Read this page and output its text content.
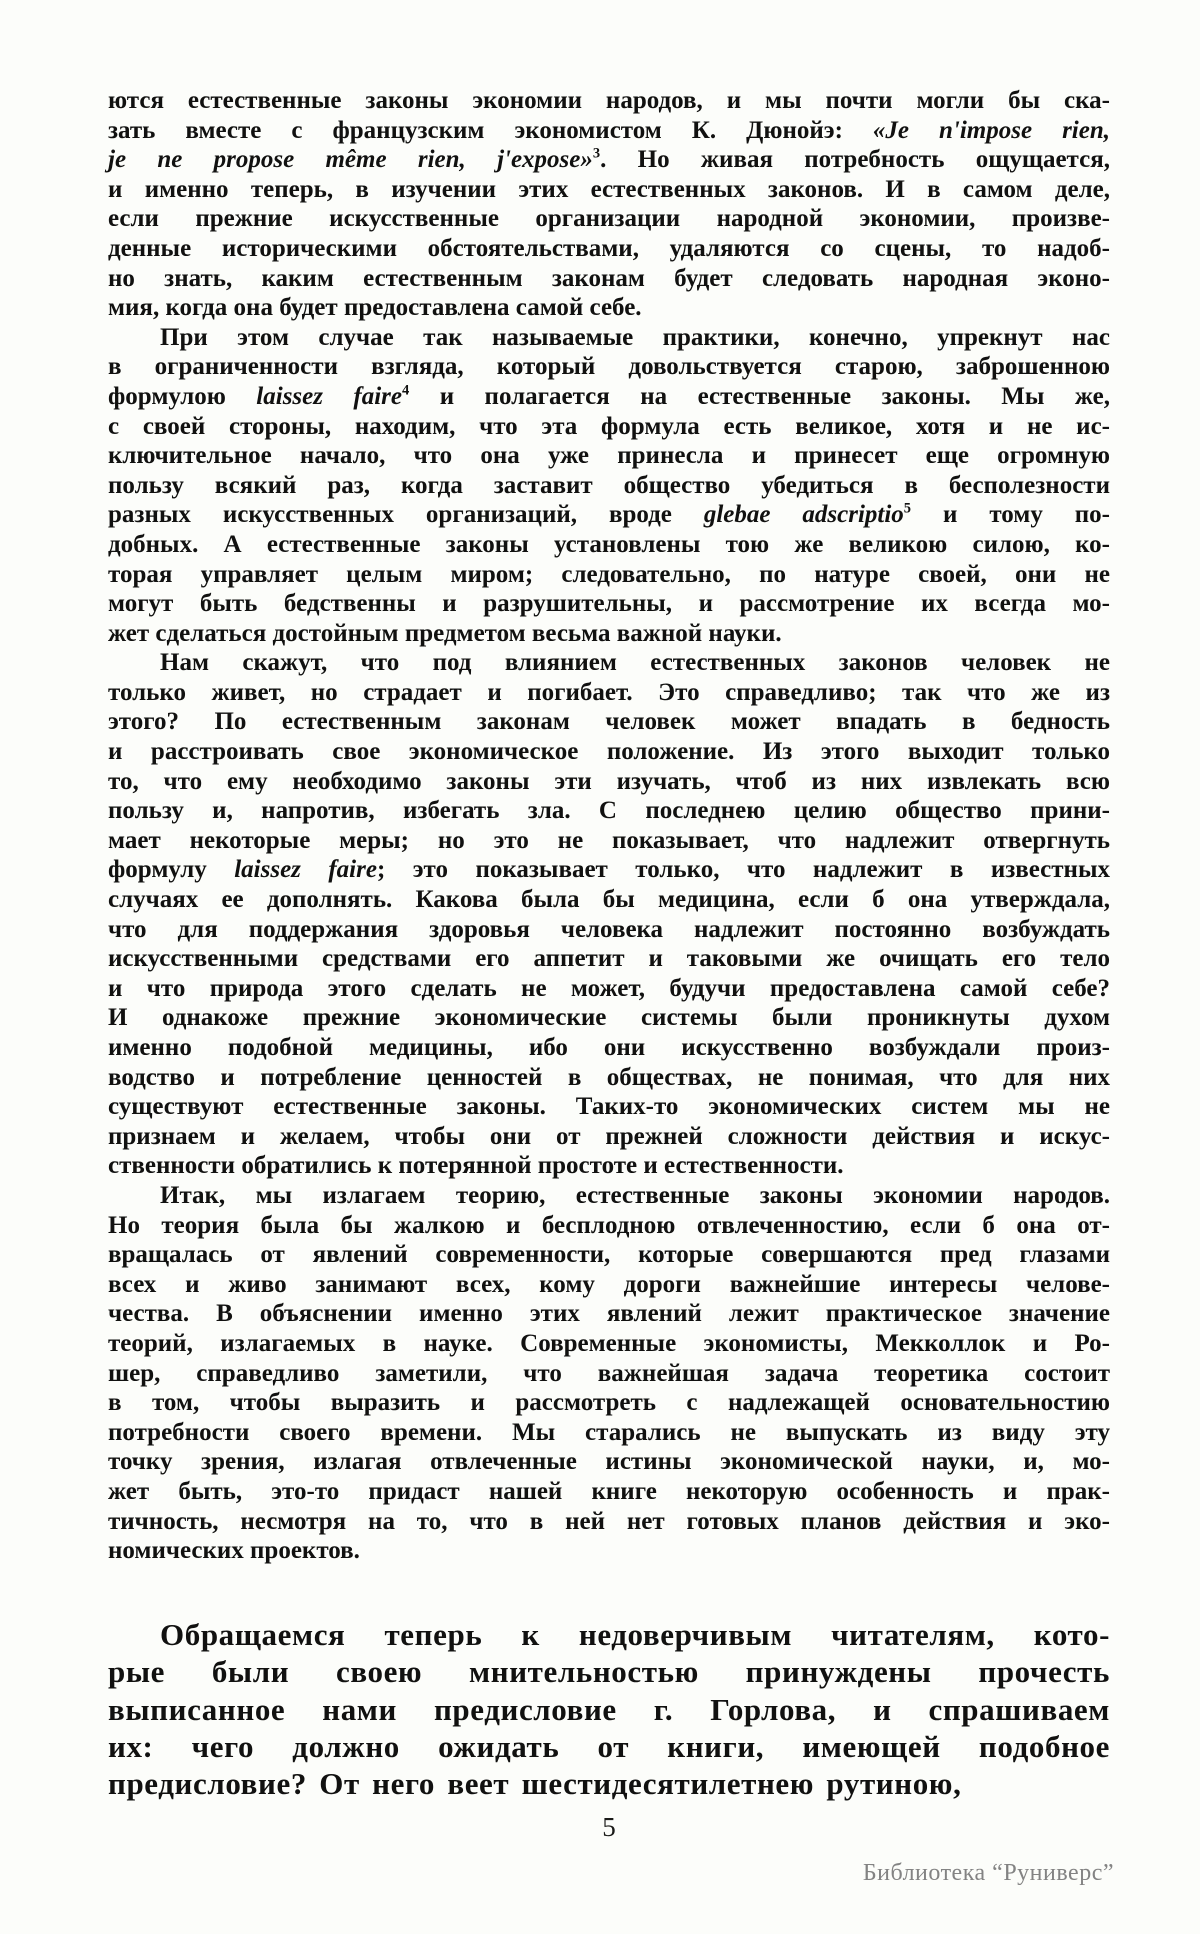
ются естественные законы экономии народов, и мы почти могли бы ска-
зать вместе с французским экономистом К. Дюнойэ: «Je n'impose rien,
je ne propose même rien, j'expose»$^3$. Но живая потребность ощущается,
и именно теперь, в изучении этих естественных законов. И в самом деле,
если прежние искусственные организации народной экономии, произве-
денные историческими обстоятельствами, удаляются со сцены, то надоб-
но знать, каким естественным законам будет следовать народная эконо-
мия, когда она будет предоставлена самой себе.
При этом случае так называемые практики, конечно, упрекнут нас
в ограниченности взгляда, который довольствуется старою, заброшенною
формулою laissez faire$^4$ и полагается на естественные законы. Мы же,
с своей стороны, находим, что эта формула есть великое, хотя и не ис-
ключительное начало, что она уже принесла и принесет еще огромную
пользу всякий раз, когда заставит общество убедиться в бесполезности
разных искусственных организаций, вроде glebae adscriptio$^5$ и тому по-
добных. А естественные законы установлены тою же великою силою, ко-
торая управляет целым миром; следовательно, по натуре своей, они не
могут быть бедственны и разрушительны, и рассмотрение их всегда мо-
жет сделаться достойным предметом весьма важной науки.
Нам скажут, что под влиянием естественных законов человек не
только живет, но страдает и погибает. Это справедливо; так что же из
этого? По естественным законам человек может впадать в бедность
и расстроивать свое экономическое положение. Из этого выходит только
то, что ему необходимо законы эти изучать, чтоб из них извлекать всю
пользу и, напротив, избегать зла. С последнею целию общество прини-
мает некоторые меры; но это не показывает, что надлежит отвергнуть
формулу laissez faire; это показывает только, что надлежит в известных
случаях ее дополнять. Какова была бы медицина, если б она утверждала,
что для поддержания здоровья человека надлежит постоянно возбуждать
искусственными средствами его аппетит и таковыми же очищать его тело
и что природа этого сделать не может, будучи предоставлена самой себе?
И однакоже прежние экономические системы были проникнуты духом
именно подобной медицины, ибо они искусственно возбуждали произ-
водство и потребление ценностей в обществах, не понимая, что для них
существуют естественные законы. Таких-то экономических систем мы не
признаем и желаем, чтобы они от прежней сложности действия и искус-
ственности обратились к потерянной простоте и естественности.
Итак, мы излагаем теорию, естественные законы экономии народов.
Но теория была бы жалкою и бесплодною отвлеченностию, если б она от-
вращалась от явлений современности, которые совершаются пред глазами
всех и живо занимают всех, кому дороги важнейшие интересы челове-
чества. В объяснении именно этих явлений лежит практическое значение
теорий, излагаемых в науке. Современные экономисты, Мекколлок и Ро-
шер, справедливо заметили, что важнейшая задача теоретика состоит
в том, чтобы выразить и рассмотреть с надлежащей основательностию
потребности своего времени. Мы старались не выпускать из виду эту
точку зрения, излагая отвлеченные истины экономической науки, и, мо-
жет быть, это-то придаст нашей книге некоторую особенность и прак-
тичность, несмотря на то, что в ней нет готовых планов действия и эко-
номических проектов.
Обращаемся теперь к недоверчивым читателям, кото-
рые были своею мнительностью принуждены прочесть
выписанное нами предисловие г. Горлова, и спрашиваем
их: чего должно ожидать от книги, имеющей подобное
предисловие? От него веет шестидесятилетнею рутиною,
5
Библиотека “Руниверс”
